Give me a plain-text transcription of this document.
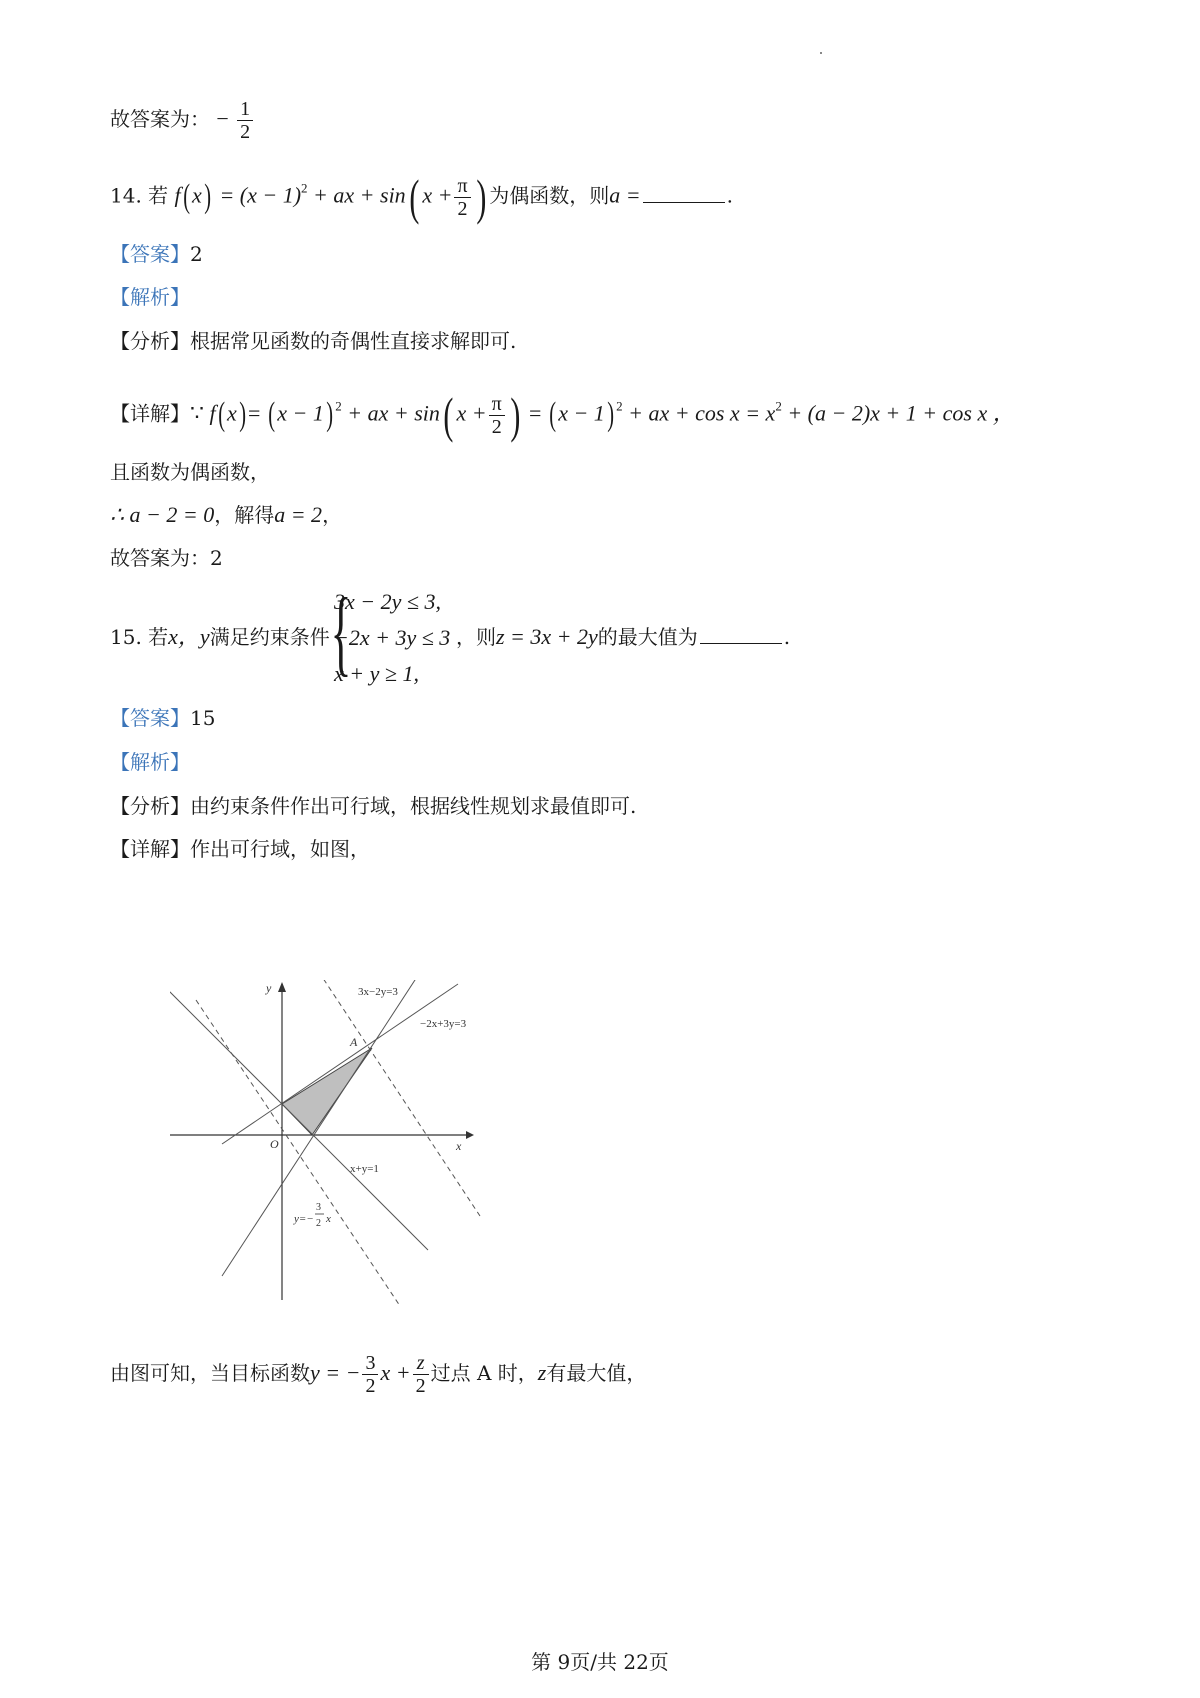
故答案为： − $\frac{1}{2}$
14. 若 f( $x) = (x - 1)^2$ + ax + sin( $x + \frac{\pi}{2}$ ) 为偶函数，则a =	.
【答案】2
【解析】
【分析】根据常见函数的奇偶性直接求解即可.
【详解】∵ f( x) = ( x − 1) $^2$ + ax + sin( $x + \frac{\pi}{2}$ ) = ( x − 1) $^2$ + ax + $\cos x = x^2 + (a - 2)x + 1 + \cos x$ ，
且函数为偶函数，
∴ a − 2 = 0，解得a = 2，
故答案为：2
15. 若x，y满足约束条件 {
3x − 2y ≤ 3,
−2x + 3y ≤ 3
x + y ≥ 1,
，则z = 3x + 2y的最大值为	.
【答案】15
【解析】
【分析】由约束条件作出可行域，根据线性规划求最值即可.
【详解】作出可行域，如图，
y
x
O
A
3x−2y=3
−2x+3y=3
x+y=1
y=−
3
2 x
由图可知，当目标函数y = − $\frac{3}{2}$ $x + \frac{z}{2}$ 过点 A 时，z有最大值，
第 9页/共 22页
